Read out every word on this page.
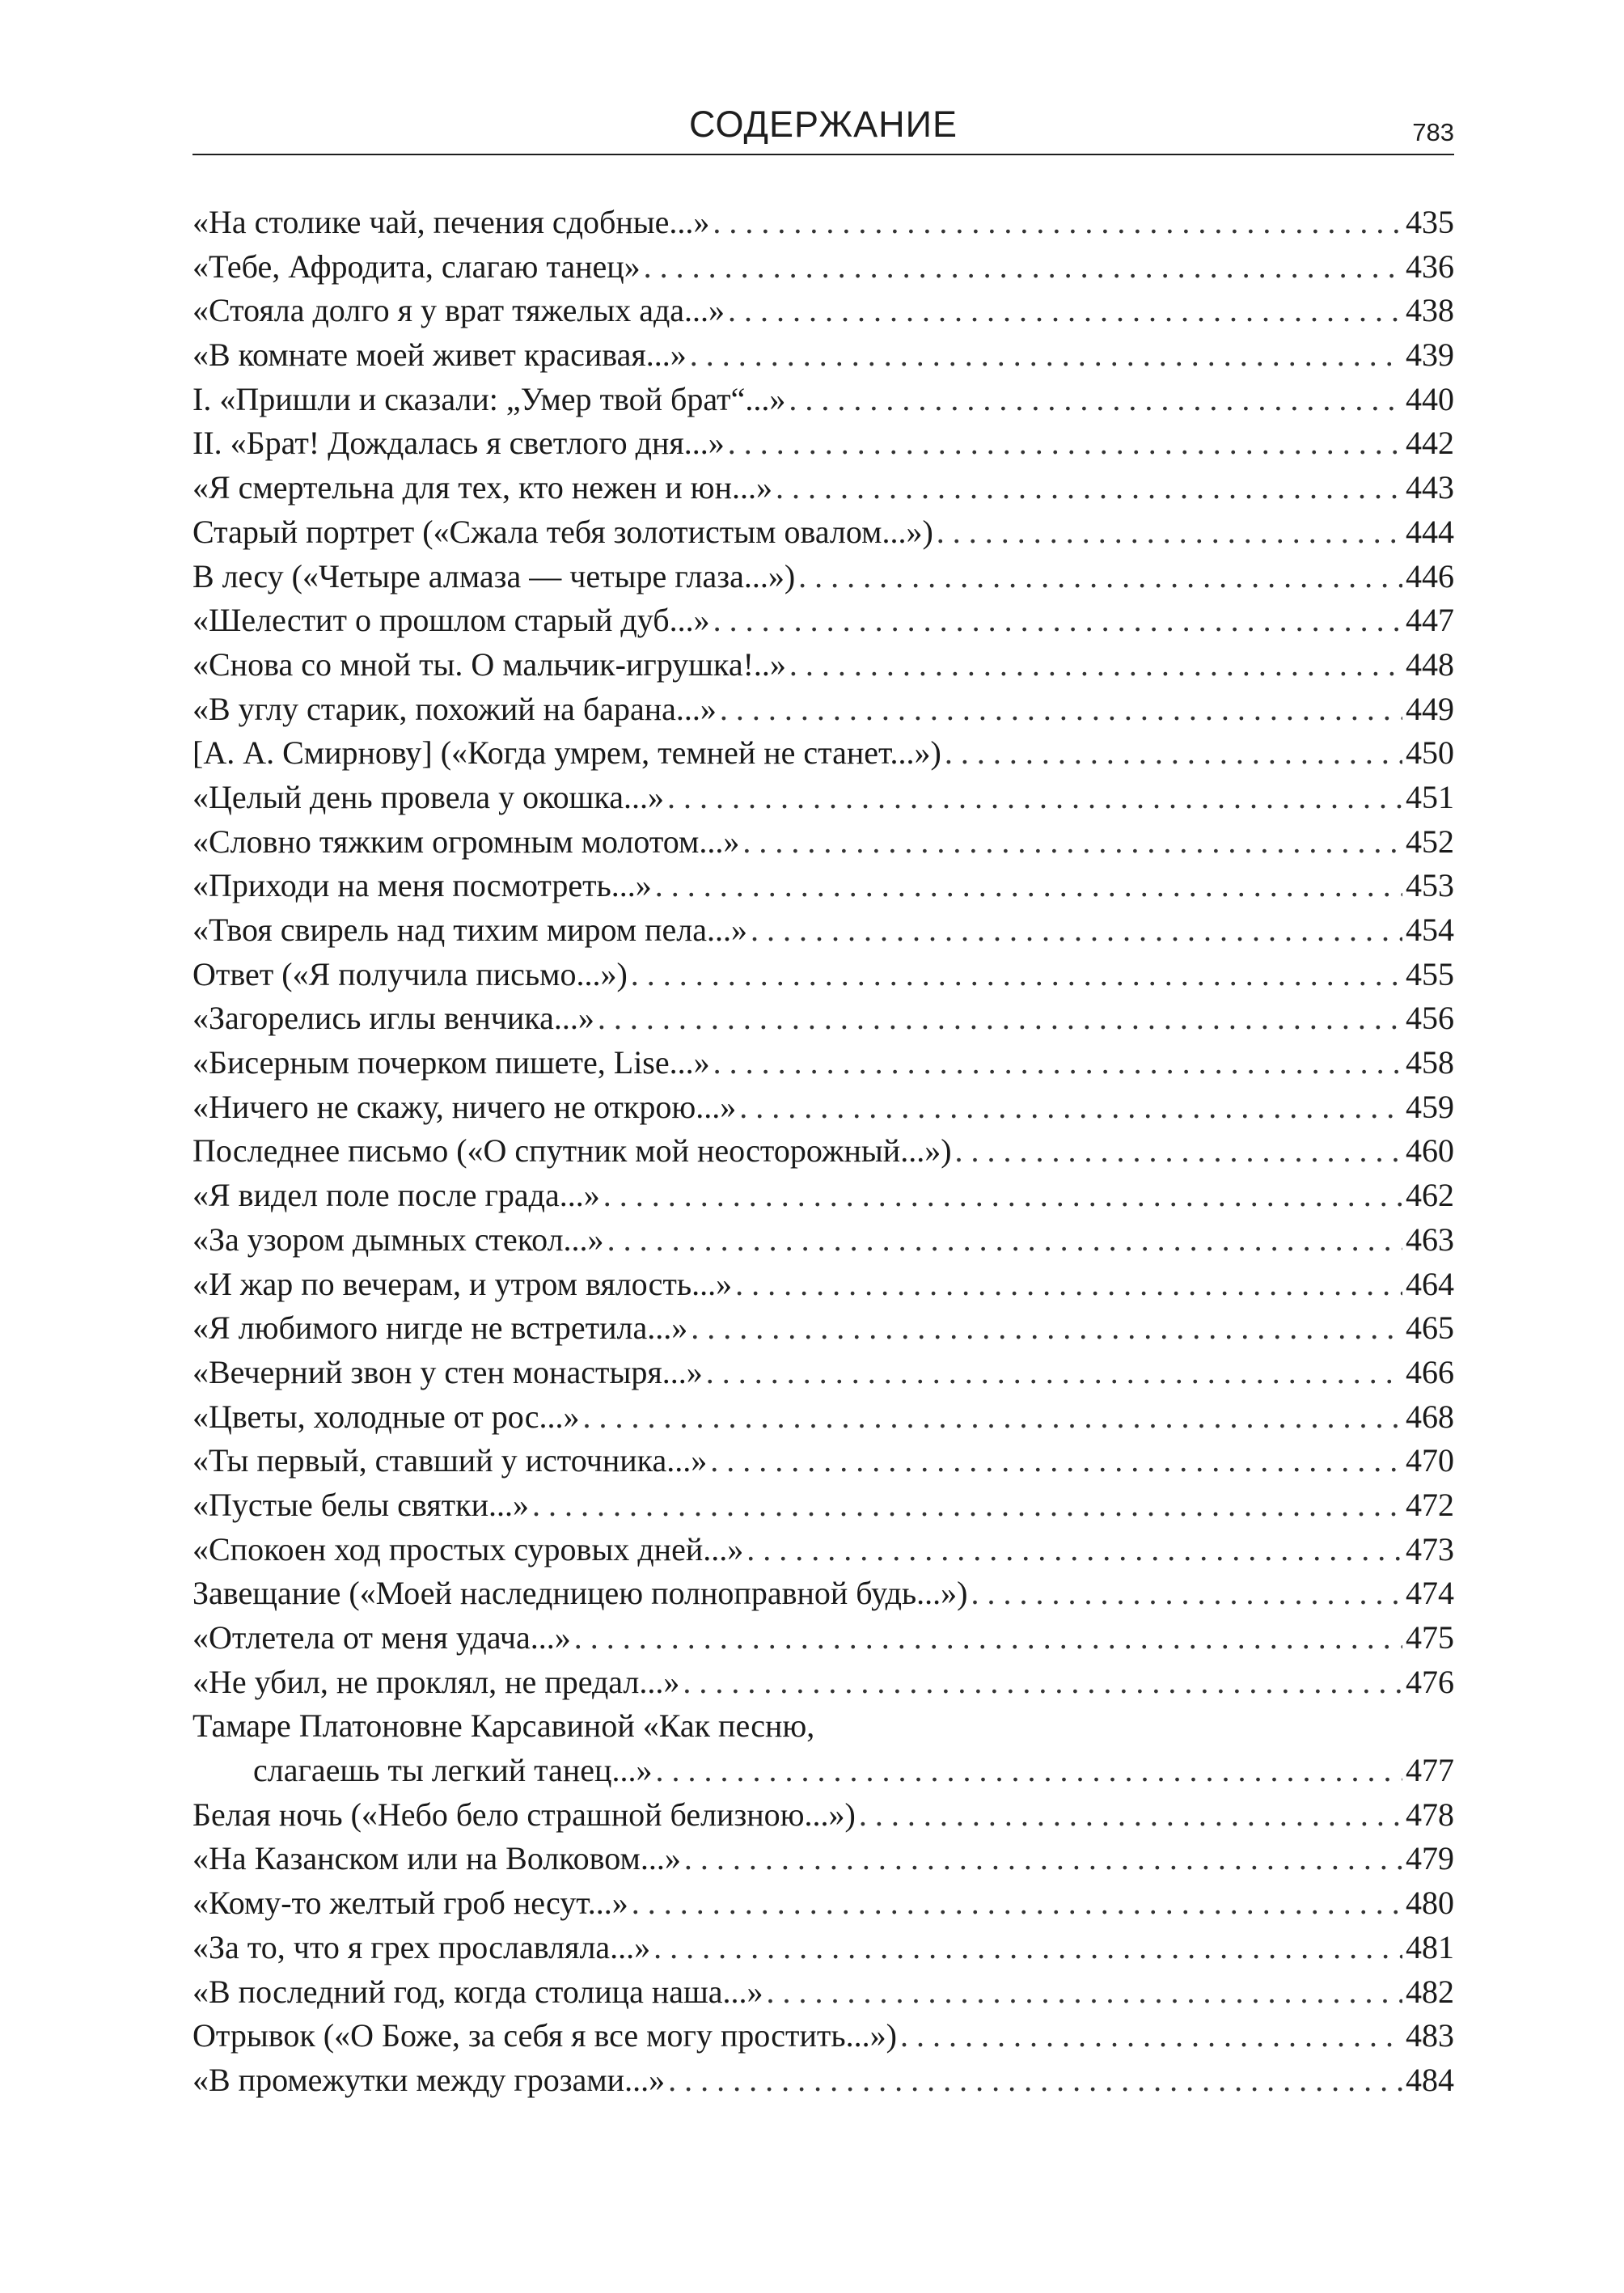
СОДЕРЖАНИЕ	783
«На столике чай, печения сдобные...» . . .	435
«Тебе, Афродита, слагаю танец» . . .	436
«Стояла долго я у врат тяжелых ада...» . . .	438
«В комнате моей живет красивая...» . . .	439
I. «Пришли и сказали: „Умер твой брат“...» . . .	440
II. «Брат! Дождалась я светлого дня...» . . .	442
«Я смертельна для тех, кто нежен и юн...» . . .	443
Старый портрет («Сжала тебя золотистым овалом...») . . .	444
В лесу («Четыре алмаза — четыре глаза...») . . .	446
«Шелестит о прошлом старый дуб...» . . .	447
«Снова со мной ты. О мальчик-игрушка!..» . . .	448
«В углу старик, похожий на барана...» . . .	449
[А. А. Смирнову] («Когда умрем, темней не станет...») . . .	450
«Целый день провела у окошка...» . . .	451
«Словно тяжким огромным молотом...» . . .	452
«Приходи на меня посмотреть...» . . .	453
«Твоя свирель над тихим миром пела...» . . .	454
Ответ («Я получила письмо...») . . .	455
«Загорелись иглы венчика...» . . .	456
«Бисерным почерком пишете, Lise...» . . .	458
«Ничего не скажу, ничего не открою...» . . .	459
Последнее письмо («О спутник мой неосторожный...») . . .	460
«Я видел поле после града...» . . .	462
«За узором дымных стекол...» . . .	463
«И жар по вечерам, и утром вялость...» . . .	464
«Я любимого нигде не встретила...» . . .	465
«Вечерний звон у стен монастыря...» . . .	466
«Цветы, холодные от рос...» . . .	468
«Ты первый, ставший у источника...» . . .	470
«Пустые белы святки...» . . .	472
«Спокоен ход простых суровых дней...» . . .	473
Завещание («Моей наследницею полноправной будь...») . . .	474
«Отлетела от меня удача...» . . .	475
«Не убил, не проклял, не предал...» . . .	476
Тамаре Платоновне Карсавиной «Как песню,
слагаешь ты легкий танец...» . . .	477
Белая ночь («Небо бело страшной белизною...») . . .	478
«На Казанском или на Волковом...» . . .	479
«Кому-то желтый гроб несут...» . . .	480
«За то, что я грех прославляла...» . . .	481
«В последний год, когда столица наша...» . . .	482
Отрывок («О Боже, за себя я все могу простить...») . . .	483
«В промежутки между грозами...» . . .	484
